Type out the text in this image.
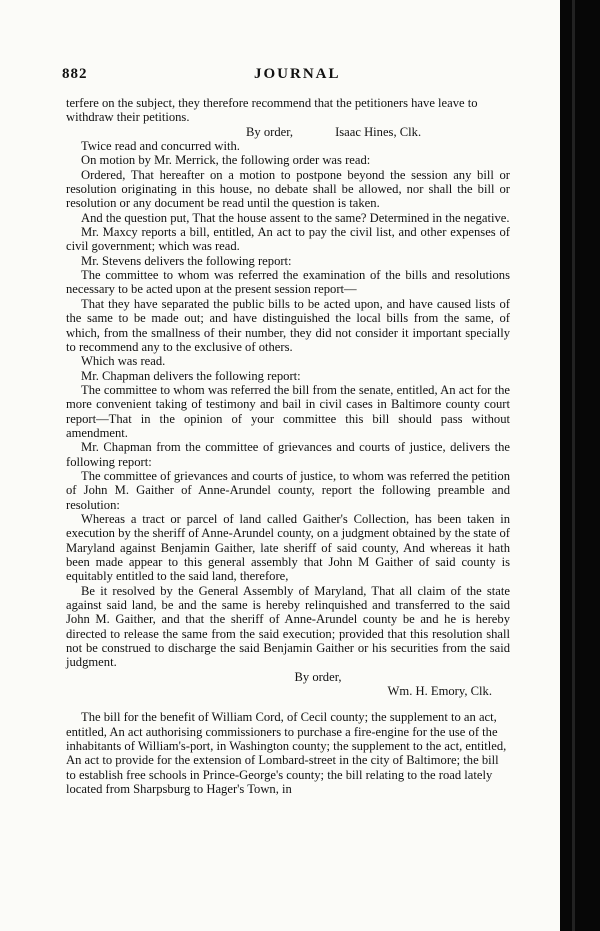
882	JOURNAL

terfere on the subject, they therefore recommend that the petitioners have leave to withdraw their petitions.

By order,	Isaac Hines, Clk.

Twice read and concurred with.

On motion by Mr. Merrick, the following order was read:

Ordered, That hereafter on a motion to postpone beyond the session any bill or resolution originating in this house, no debate shall be allowed, nor shall the bill or resolution or any document be read until the question is taken.

And the question put, That the house assent to the same? Determined in the negative.

Mr. Maxcy reports a bill, entitled, An act to pay the civil list, and other expenses of civil government; which was read.

Mr. Stevens delivers the following report:

The committee to whom was referred the examination of the bills and resolutions necessary to be acted upon at the present session report—

That they have separated the public bills to be acted upon, and have caused lists of the same to be made out; and have distinguished the local bills from the same, of which, from the smallness of their number, they did not consider it important specially to recommend any to the exclusive of others.

Which was read.

Mr. Chapman delivers the following report:

The committee to whom was referred the bill from the senate, entitled, An act for the more convenient taking of testimony and bail in civil cases in Baltimore county court report—That in the opinion of your committee this bill should pass without amendment.

Mr. Chapman from the committee of grievances and courts of justice, delivers the following report:

The committee of grievances and courts of justice, to whom was referred the petition of John M. Gaither of Anne-Arundel county, report the following preamble and resolution:

Whereas a tract or parcel of land called Gaither's Collection, has been taken in execution by the sheriff of Anne-Arundel county, on a judgment obtained by the state of Maryland against Benjamin Gaither, late sheriff of said county, And whereas it hath been made appear to this general assembly that John M Gaither of said county is equitably entitled to the said land, therefore,

Be it resolved by the General Assembly of Maryland, That all claim of the state against said land, be and the same is hereby relinquished and transferred to the said John M. Gaither, and that the sheriff of Anne-Arundel county be and he is hereby directed to release the same from the said execution; provided that this resolution shall not be construed to discharge the said Benjamin Gaither or his securities from the said judgment.

By order,

Wm. H. Emory, Clk.

The bill for the benefit of William Cord, of Cecil county; the supplement to an act, entitled, An act authorising commissioners to purchase a fire-engine for the use of the inhabitants of William's-port, in Washington county; the supplement to the act, entitled, An act to provide for the extension of Lombard-street in the city of Baltimore; the bill to establish free schools in Prince-George's county; the bill relating to the road lately located from Sharpsburg to Hager's Town, in
